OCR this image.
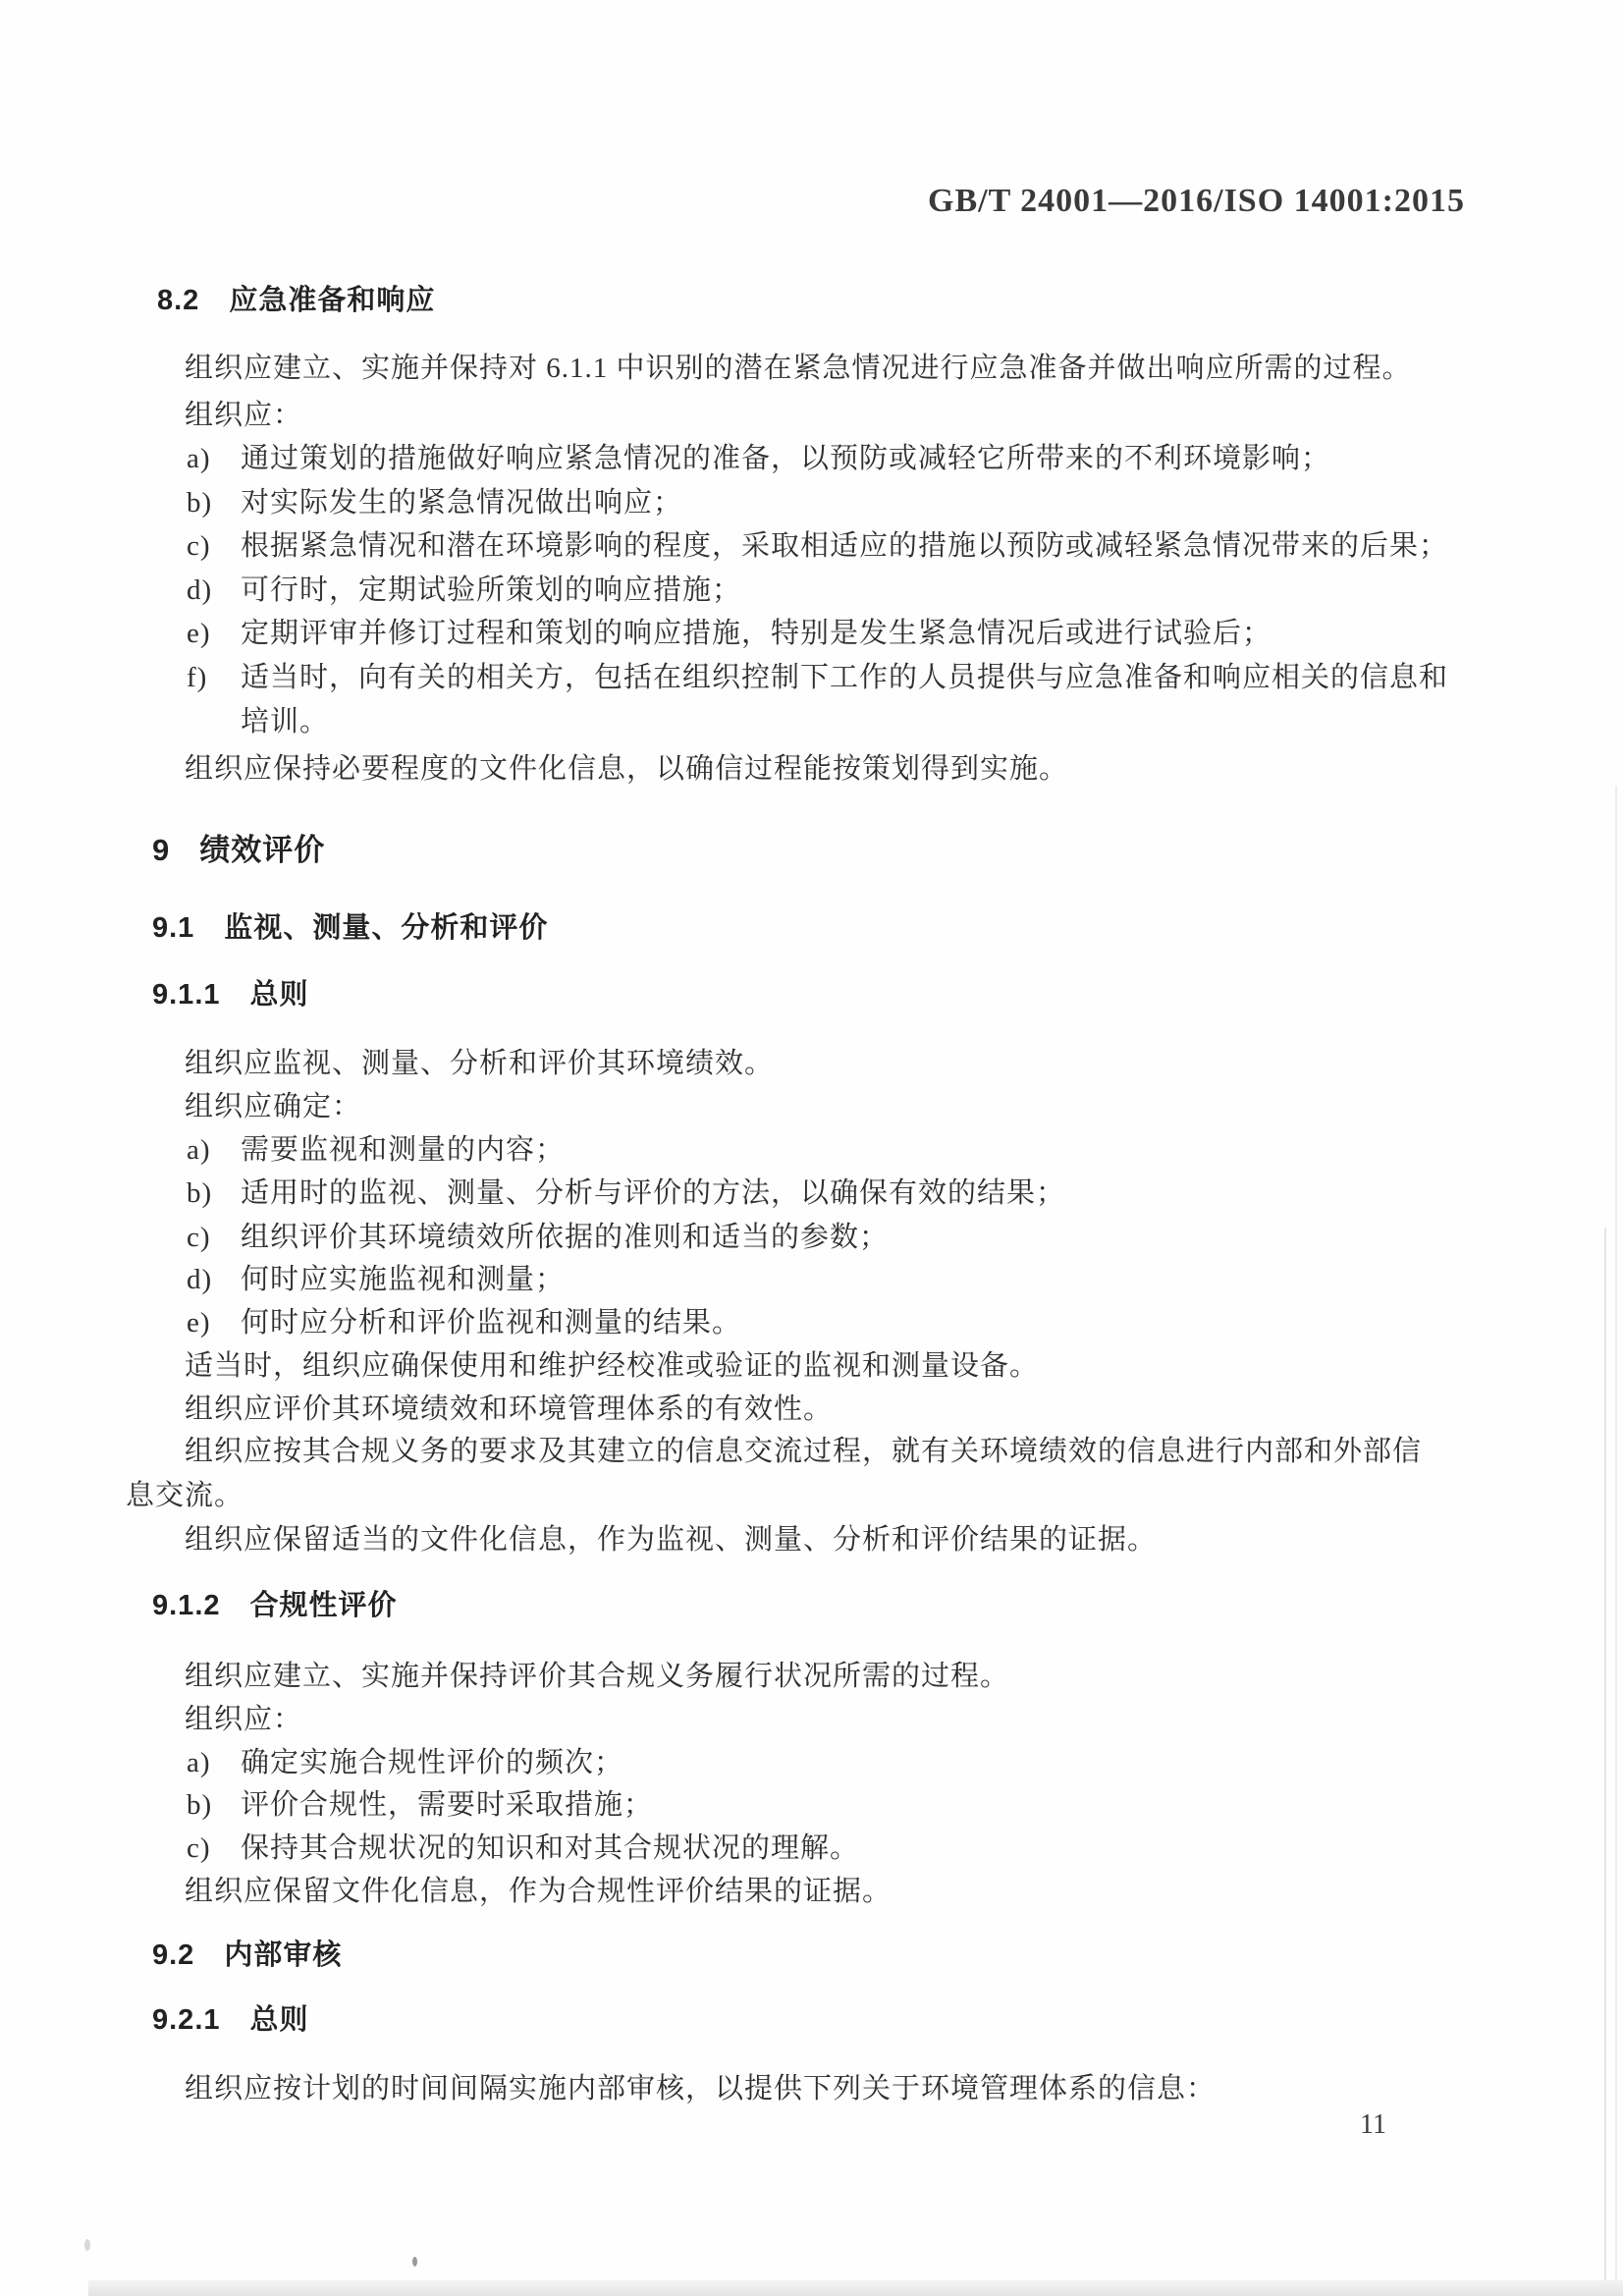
GB/T 24001—2016/ISO 14001:2015
8.2 应急准备和响应
组织应建立、实施并保持对 6.1.1 中识别的潜在紧急情况进行应急准备并做出响应所需的过程。
组织应：
a) 通过策划的措施做好响应紧急情况的准备，以预防或减轻它所带来的不利环境影响；
b) 对实际发生的紧急情况做出响应；
c) 根据紧急情况和潜在环境影响的程度，采取相适应的措施以预防或减轻紧急情况带来的后果；
d) 可行时，定期试验所策划的响应措施；
e) 定期评审并修订过程和策划的响应措施，特别是发生紧急情况后或进行试验后；
f) 适当时，向有关的相关方，包括在组织控制下工作的人员提供与应急准备和响应相关的信息和
培训。
组织应保持必要程度的文件化信息，以确信过程能按策划得到实施。
9 绩效评价
9.1 监视、测量、分析和评价
9.1.1 总则
组织应监视、测量、分析和评价其环境绩效。
组织应确定：
a) 需要监视和测量的内容；
b) 适用时的监视、测量、分析与评价的方法，以确保有效的结果；
c) 组织评价其环境绩效所依据的准则和适当的参数；
d) 何时应实施监视和测量；
e) 何时应分析和评价监视和测量的结果。
适当时，组织应确保使用和维护经校准或验证的监视和测量设备。
组织应评价其环境绩效和环境管理体系的有效性。
组织应按其合规义务的要求及其建立的信息交流过程，就有关环境绩效的信息进行内部和外部信
息交流。
组织应保留适当的文件化信息，作为监视、测量、分析和评价结果的证据。
9.1.2 合规性评价
组织应建立、实施并保持评价其合规义务履行状况所需的过程。
组织应：
a) 确定实施合规性评价的频次；
b) 评价合规性，需要时采取措施；
c) 保持其合规状况的知识和对其合规状况的理解。
组织应保留文件化信息，作为合规性评价结果的证据。
9.2 内部审核
9.2.1 总则
组织应按计划的时间间隔实施内部审核，以提供下列关于环境管理体系的信息：
11
